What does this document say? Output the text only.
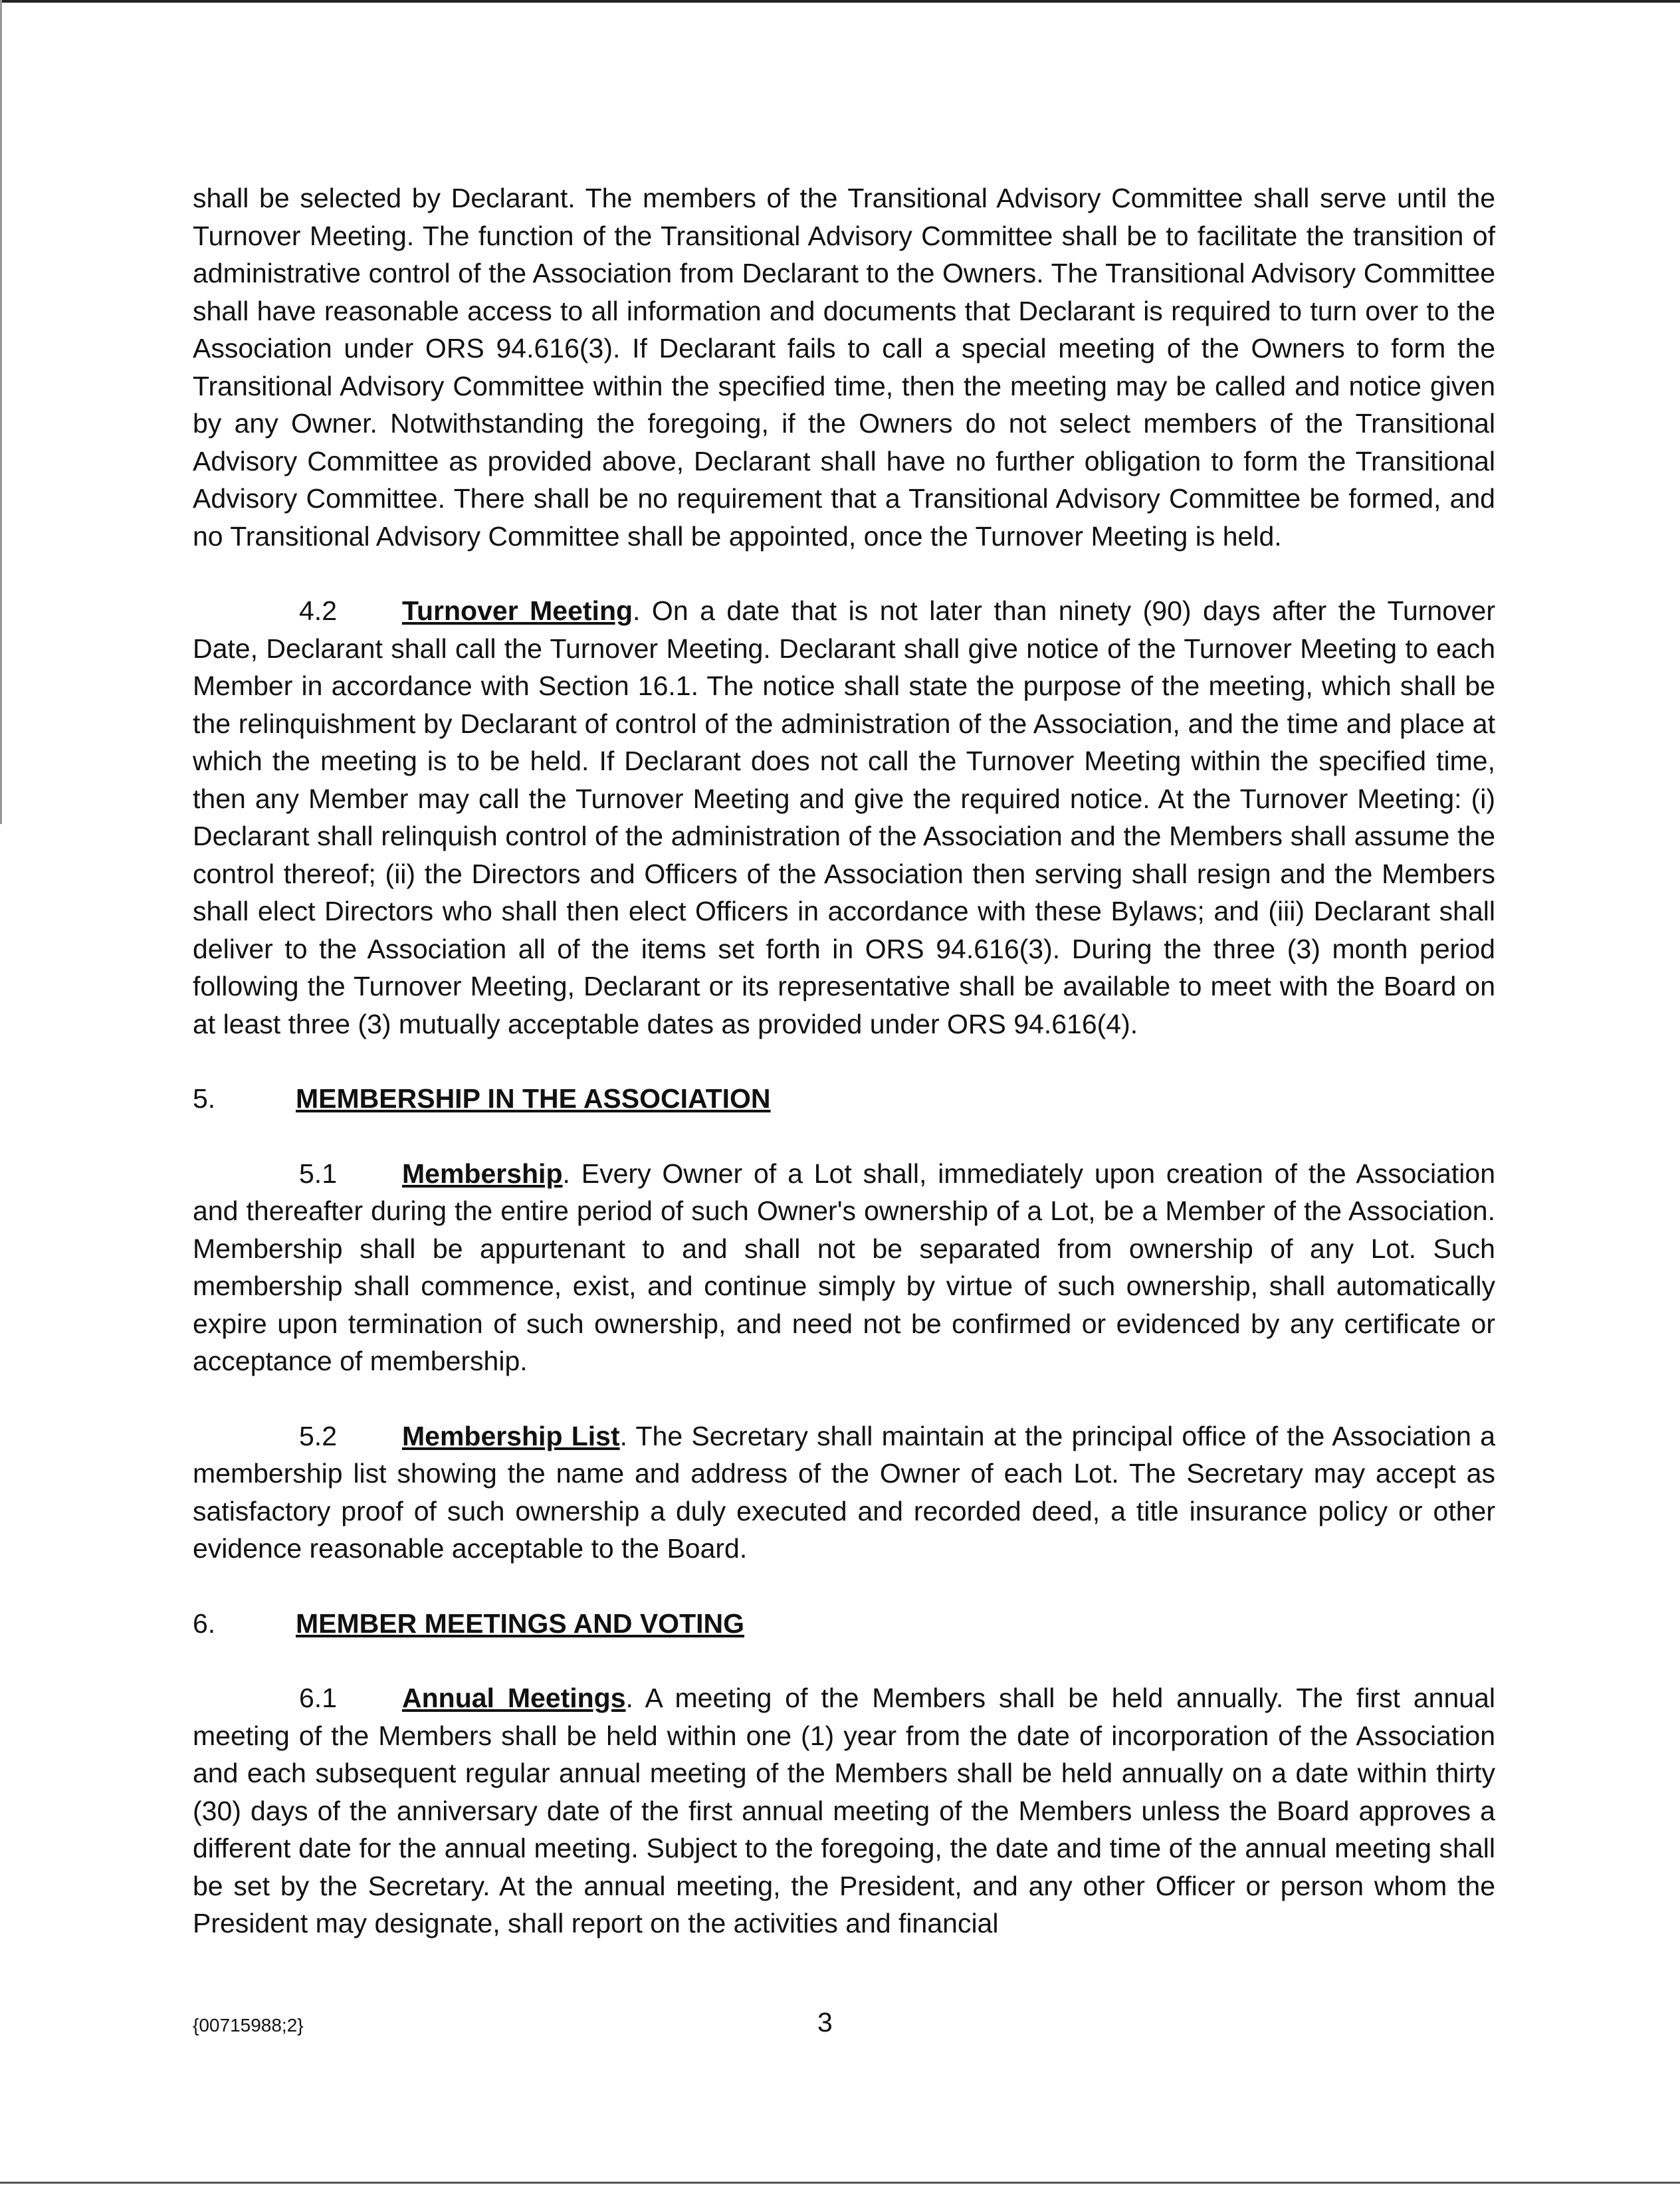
shall be selected by Declarant. The members of the Transitional Advisory Committee shall serve until the Turnover Meeting. The function of the Transitional Advisory Committee shall be to facilitate the transition of administrative control of the Association from Declarant to the Owners. The Transitional Advisory Committee shall have reasonable access to all information and documents that Declarant is required to turn over to the Association under ORS 94.616(3). If Declarant fails to call a special meeting of the Owners to form the Transitional Advisory Committee within the specified time, then the meeting may be called and notice given by any Owner. Notwithstanding the foregoing, if the Owners do not select members of the Transitional Advisory Committee as provided above, Declarant shall have no further obligation to form the Transitional Advisory Committee. There shall be no requirement that a Transitional Advisory Committee be formed, and no Transitional Advisory Committee shall be appointed, once the Turnover Meeting is held.

4.2 Turnover Meeting. On a date that is not later than ninety (90) days after the Turnover Date, Declarant shall call the Turnover Meeting. Declarant shall give notice of the Turnover Meeting to each Member in accordance with Section 16.1. The notice shall state the purpose of the meeting, which shall be the relinquishment by Declarant of control of the administration of the Association, and the time and place at which the meeting is to be held. If Declarant does not call the Turnover Meeting within the specified time, then any Member may call the Turnover Meeting and give the required notice. At the Turnover Meeting: (i) Declarant shall relinquish control of the administration of the Association and the Members shall assume the control thereof; (ii) the Directors and Officers of the Association then serving shall resign and the Members shall elect Directors who shall then elect Officers in accordance with these Bylaws; and (iii) Declarant shall deliver to the Association all of the items set forth in ORS 94.616(3). During the three (3) month period following the Turnover Meeting, Declarant or its representative shall be available to meet with the Board on at least three (3) mutually acceptable dates as provided under ORS 94.616(4).

5.	MEMBERSHIP IN THE ASSOCIATION

5.1 Membership. Every Owner of a Lot shall, immediately upon creation of the Association and thereafter during the entire period of such Owner's ownership of a Lot, be a Member of the Association. Membership shall be appurtenant to and shall not be separated from ownership of any Lot. Such membership shall commence, exist, and continue simply by virtue of such ownership, shall automatically expire upon termination of such ownership, and need not be confirmed or evidenced by any certificate or acceptance of membership.

5.2 Membership List. The Secretary shall maintain at the principal office of the Association a membership list showing the name and address of the Owner of each Lot. The Secretary may accept as satisfactory proof of such ownership a duly executed and recorded deed, a title insurance policy or other evidence reasonable acceptable to the Board.

6.	MEMBER MEETINGS AND VOTING

6.1 Annual Meetings. A meeting of the Members shall be held annually. The first annual meeting of the Members shall be held within one (1) year from the date of incorporation of the Association and each subsequent regular annual meeting of the Members shall be held annually on a date within thirty (30) days of the anniversary date of the first annual meeting of the Members unless the Board approves a different date for the annual meeting. Subject to the foregoing, the date and time of the annual meeting shall be set by the Secretary. At the annual meeting, the President, and any other Officer or person whom the President may designate, shall report on the activities and financial

{00715988;2}	3
